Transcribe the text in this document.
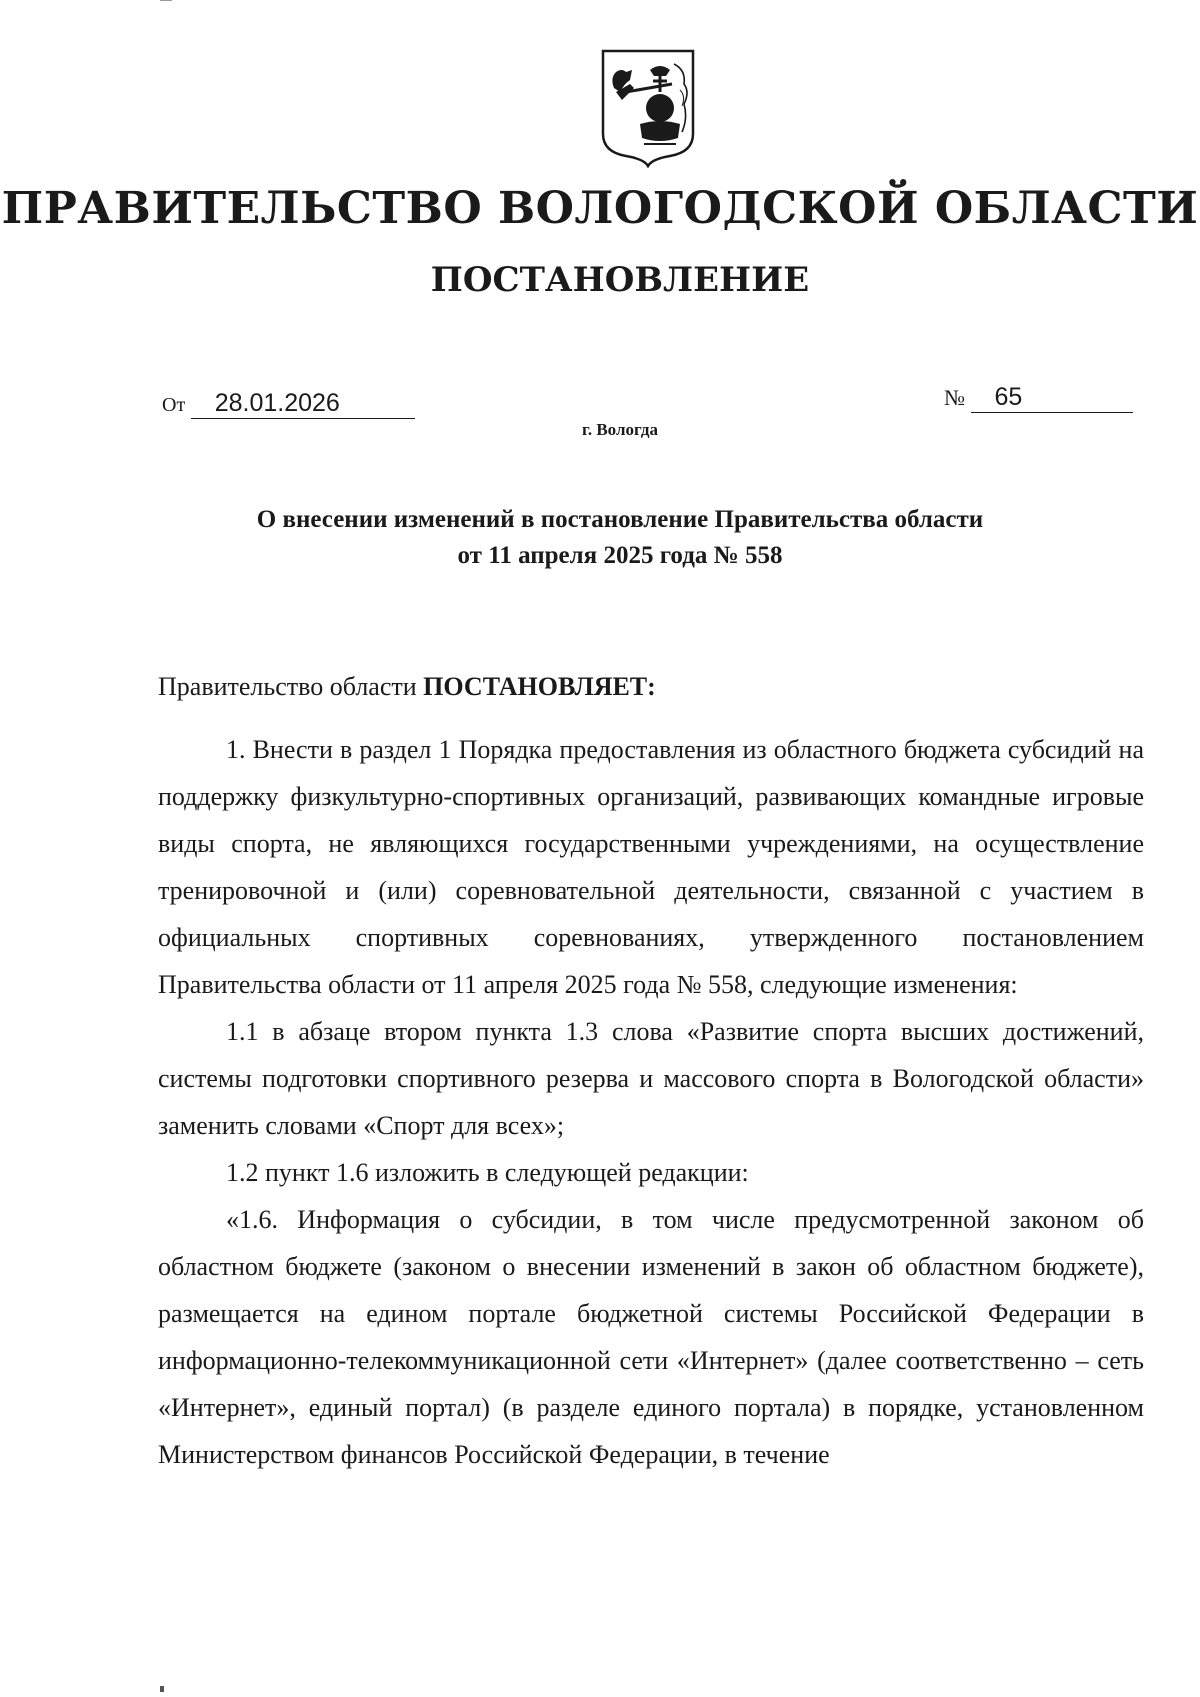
ПРАВИТЕЛЬСТВО ВОЛОГОДСКОЙ ОБЛАСТИ
ПОСТАНОВЛЕНИЕ
От 28.01.2026	№ 65
г. Вологда
О внесении изменений в постановление Правительства области
от 11 апреля 2025 года № 558

Правительство области ПОСТАНОВЛЯЕТ:

1. Внести в раздел 1 Порядка предоставления из областного бюджета субсидий на поддержку физкультурно-спортивных организаций, развивающих командные игровые виды спорта, не являющихся государственными учреждениями, на осуществление тренировочной и (или) соревновательной деятельности, связанной с участием в официальных спортивных соревнованиях, утвержденного постановлением Правительства области от 11 апреля 2025 года № 558, следующие изменения:

1.1 в абзаце втором пункта 1.3 слова «Развитие спорта высших достижений, системы подготовки спортивного резерва и массового спорта в Вологодской области» заменить словами «Спорт для всех»;

1.2 пункт 1.6 изложить в следующей редакции:

«1.6. Информация о субсидии, в том числе предусмотренной законом об областном бюджете (законом о внесении изменений в закон об областном бюджете), размещается на едином портале бюджетной системы Российской Федерации в информационно-телекоммуникационной сети «Интернет» (далее соответственно – сеть «Интернет», единый портал) (в разделе единого портала) в порядке, установленном Министерством финансов Российской Федерации, в течение
